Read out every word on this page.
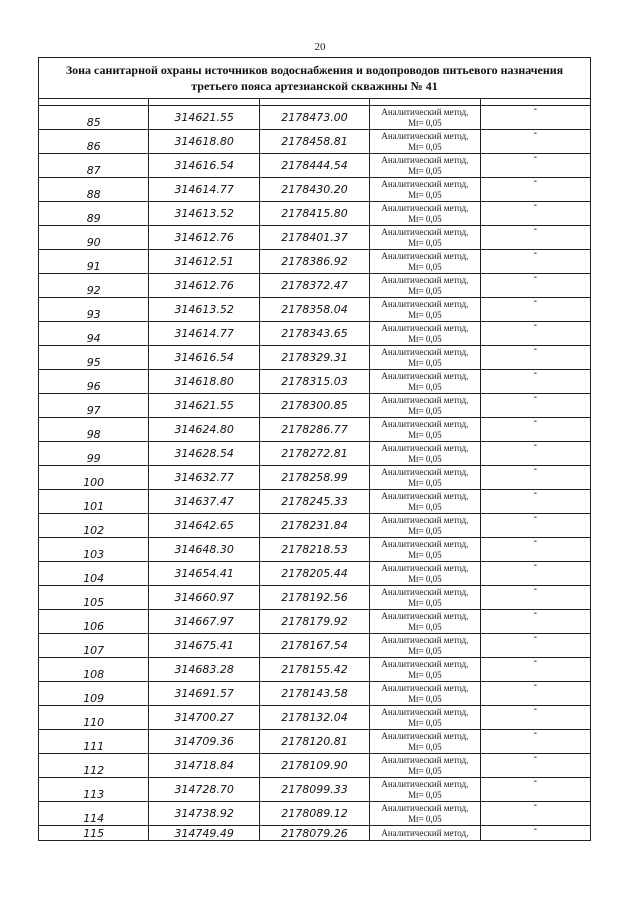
20
Зона санитарной охраны источников водоснабжения и водопроводов питьевого назначения
третьего пояса артезианской скважины № 41				

85	314621.55	2178473.00	Аналитический метод,
Mt= 0,05	-
86	314618.80	2178458.81	Аналитический метод,
Mt= 0,05	-
87	314616.54	2178444.54	Аналитический метод,
Mt= 0,05	-
88	314614.77	2178430.20	Аналитический метод,
Mt= 0,05	-
89	314613.52	2178415.80	Аналитический метод,
Mt= 0,05	-
90	314612.76	2178401.37	Аналитический метод,
Mt= 0,05	-
91	314612.51	2178386.92	Аналитический метод,
Mt= 0,05	-
92	314612.76	2178372.47	Аналитический метод,
Mt= 0,05	-
93	314613.52	2178358.04	Аналитический метод,
Mt= 0,05	-
94	314614.77	2178343.65	Аналитический метод,
Mt= 0,05	-
95	314616.54	2178329.31	Аналитический метод,
Mt= 0,05	-
96	314618.80	2178315.03	Аналитический метод,
Mt= 0,05	-
97	314621.55	2178300.85	Аналитический метод,
Mt= 0,05	-
98	314624.80	2178286.77	Аналитический метод,
Mt= 0,05	-
99	314628.54	2178272.81	Аналитический метод,
Mt= 0,05	-
100	314632.77	2178258.99	Аналитический метод,
Mt= 0,05	-
101	314637.47	2178245.33	Аналитический метод,
Mt= 0,05	-
102	314642.65	2178231.84	Аналитический метод,
Mt= 0,05	-
103	314648.30	2178218.53	Аналитический метод,
Mt= 0,05	-
104	314654.41	2178205.44	Аналитический метод,
Mt= 0,05	-
105	314660.97	2178192.56	Аналитический метод,
Mt= 0,05	-
106	314667.97	2178179.92	Аналитический метод,
Mt= 0,05	-
107	314675.41	2178167.54	Аналитический метод,
Mt= 0,05	-
108	314683.28	2178155.42	Аналитический метод,
Mt= 0,05	-
109	314691.57	2178143.58	Аналитический метод,
Mt= 0,05	-
110	314700.27	2178132.04	Аналитический метод,
Mt= 0,05	-
111	314709.36	2178120.81	Аналитический метод,
Mt= 0,05	-
112	314718.84	2178109.90	Аналитический метод,
Mt= 0,05	-
113	314728.70	2178099.33	Аналитический метод,
Mt= 0,05	-
114	314738.92	2178089.12	Аналитический метод,
Mt= 0,05	-
115	314749.49	2178079.26	Аналитический метод,	-
